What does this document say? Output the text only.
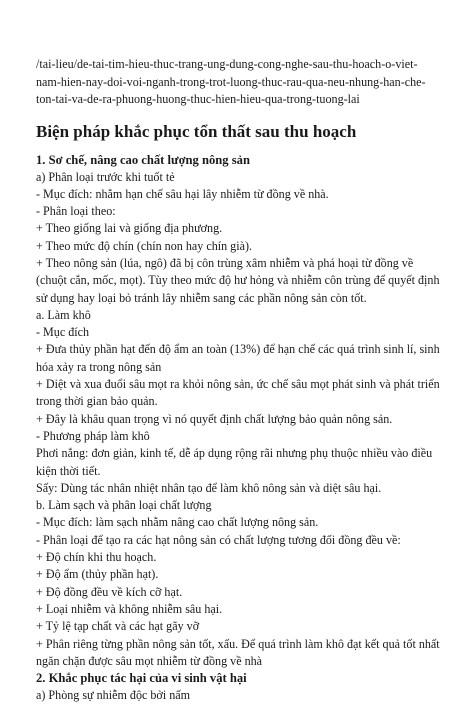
/tai-lieu/de-tai-tim-hieu-thuc-trang-ung-dung-cong-nghe-sau-thu-hoach-o-viet-nam-hien-nay-doi-voi-nganh-trong-trot-luong-thuc-rau-qua-neu-nhung-han-che-ton-tai-va-de-ra-phuong-huong-thuc-hien-hieu-qua-trong-tuong-lai

Biện pháp khắc phục tổn thất sau thu hoạch
1. Sơ chế, nâng cao chất lượng nông sản

a) Phân loại trước khi tuốt tẻ

- Mục đích: nhằm hạn chế sâu hại lây nhiễm từ đồng về nhà.

- Phân loại theo:

+ Theo giống lai và giống địa phương.

+ Theo mức độ chín (chín non hay chín già).

+ Theo nông sản (lúa, ngô) đã bị côn trùng xâm nhiễm và phá hoại từ đồng về (chuột cắn, mốc, mọt). Tùy theo mức độ hư hỏng và nhiễm côn trùng để quyết định sử dụng hay loại bỏ tránh lây nhiễm sang các phần nông sản còn tốt.

a. Làm khô

- Mục đích

+ Đưa thủy phần hạt đến độ ẩm an toàn (13%) để hạn chế các quá trình sinh lí, sinh hóa xảy ra trong nông sản

+ Diệt và xua đuổi sâu mọt ra khỏi nông sản, ức chế sâu mọt phát sinh và phát triển trong thời gian bảo quản.

+ Đây là khâu quan trọng vì nó quyết định chất lượng bảo quản nông sản.

- Phương pháp làm khô

Phơi nắng: đơn giản, kinh tế, dễ áp dụng rộng rãi nhưng phụ thuộc nhiều vào điều kiện thời tiết.

Sấy: Dùng tác nhân nhiệt nhân tạo để làm khô nông sản và diệt sâu hại.

b. Làm sạch và phân loại chất lượng

- Mục đích: làm sạch nhằm nâng cao chất lượng nông sản.

- Phân loại để tạo ra các hạt nông sản có chất lượng tương đối đồng đều về:

+ Độ chín khi thu hoạch.

+ Độ ẩm (thủy phần hạt).

+ Độ đồng đều về kích cỡ hạt.

+ Loại nhiễm và không nhiễm sâu hại.

+ Tỷ lệ tạp chất và các hạt gãy vỡ

+ Phân riêng từng phần nông sản tốt, xấu. Để quá trình làm khô đạt kết quả tốt nhất ngăn chặn được sâu mọt nhiễm từ đồng về nhà

2. Khắc phục tác hại của vi sinh vật hại

a) Phòng sự nhiễm độc bởi nấm
